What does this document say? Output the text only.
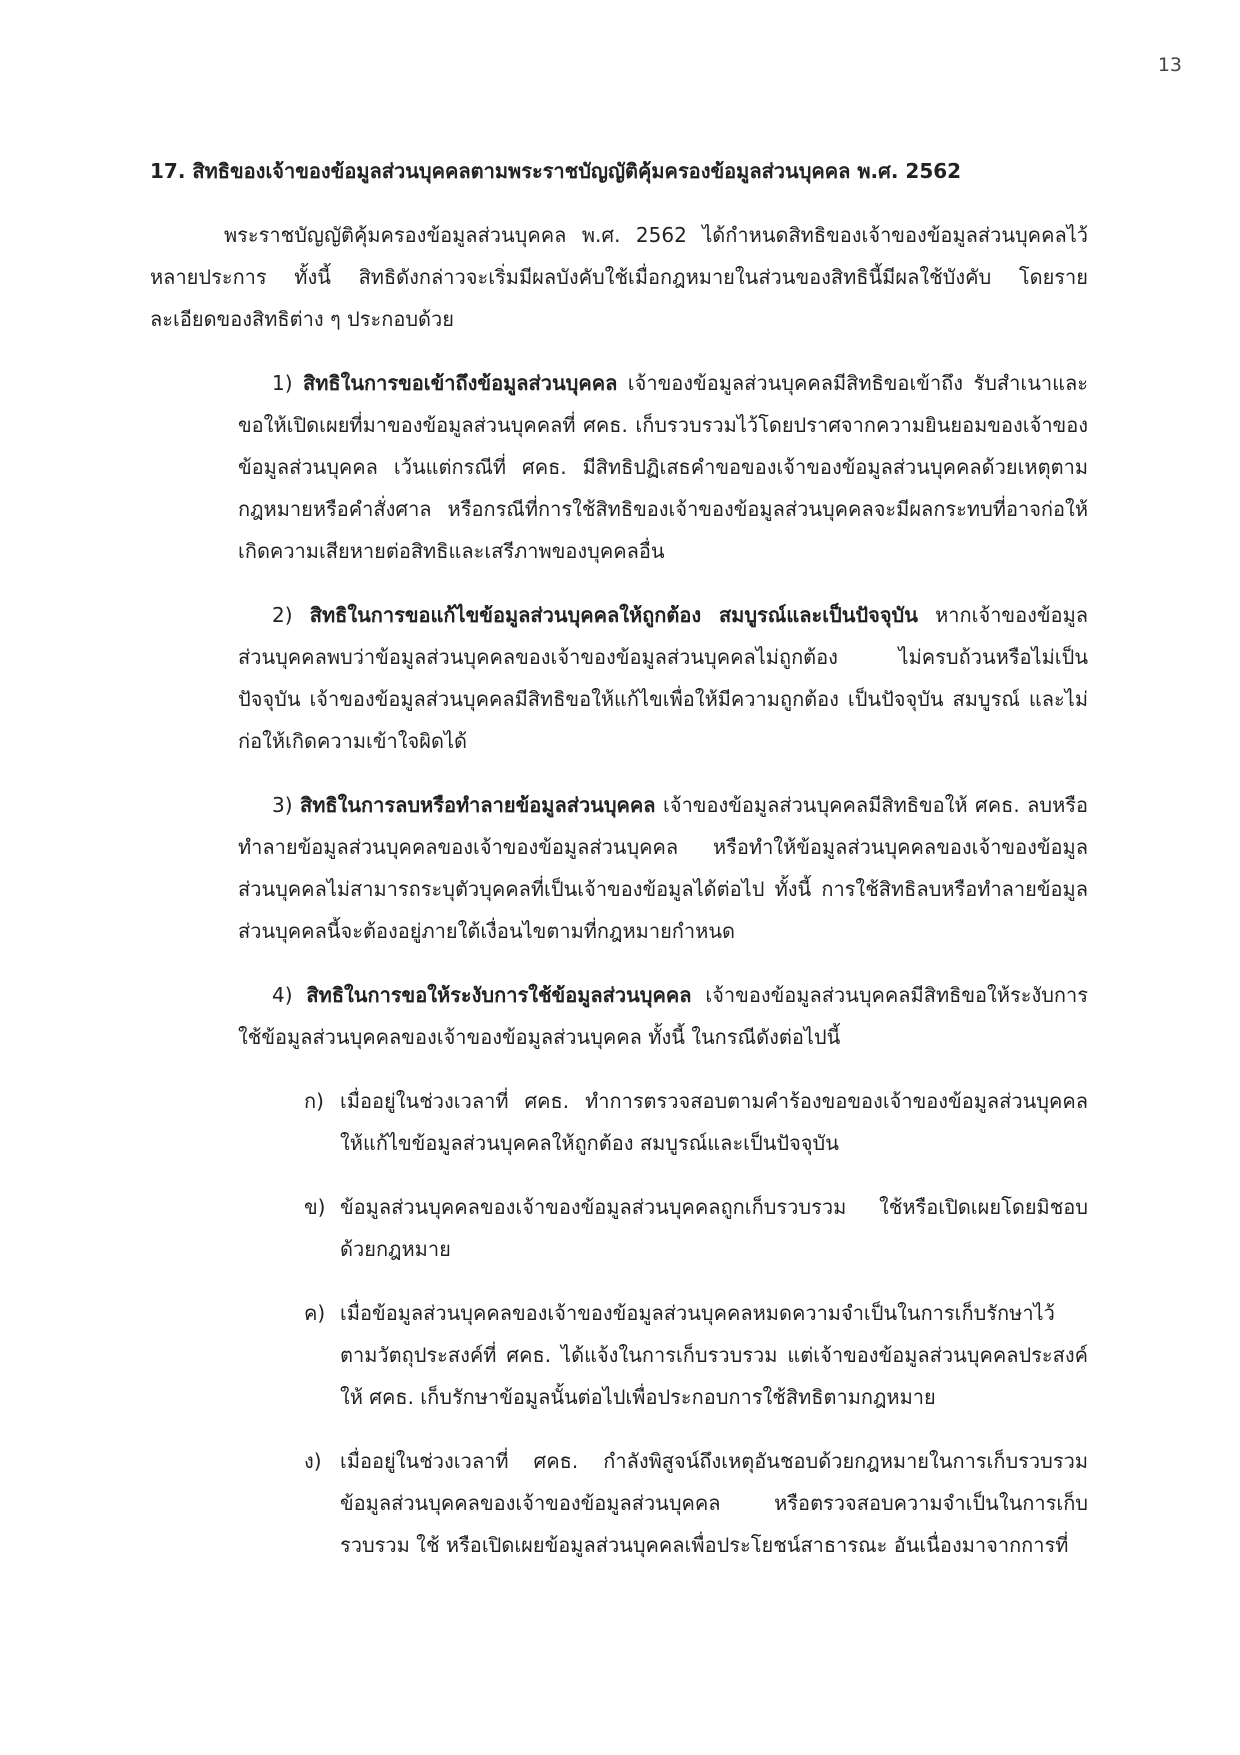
13
17. สิทธิของเจ้าของข้อมูลส่วนบุคคลตามพระราชบัญญัติคุ้มครองข้อมูลส่วนบุคคล พ.ศ. 2562

พระราชบัญญัติคุ้มครองข้อมูลส่วนบุคคล พ.ศ. 2562 ได้กำหนดสิทธิของเจ้าของข้อมูลส่วนบุคคลไว้หลายประการ ทั้งนี้ สิทธิดังกล่าวจะเริ่มมีผลบังคับใช้เมื่อกฎหมายในส่วนของสิทธินี้มีผลใช้บังคับ โดยรายละเอียดของสิทธิต่าง ๆ ประกอบด้วย

1) สิทธิในการขอเข้าถึงข้อมูลส่วนบุคคล เจ้าของข้อมูลส่วนบุคคลมีสิทธิขอเข้าถึง รับสำเนาและขอให้เปิดเผยที่มาของข้อมูลส่วนบุคคลที่ ศคธ. เก็บรวบรวมไว้โดยปราศจากความยินยอมของเจ้าของข้อมูลส่วนบุคคล เว้นแต่กรณีที่ ศคธ. มีสิทธิปฏิเสธคำขอของเจ้าของข้อมูลส่วนบุคคลด้วยเหตุตามกฎหมายหรือคำสั่งศาล หรือกรณีที่การใช้สิทธิของเจ้าของข้อมูลส่วนบุคคลจะมีผลกระทบที่อาจก่อให้เกิดความเสียหายต่อสิทธิและเสรีภาพของบุคคลอื่น

2) สิทธิในการขอแก้ไขข้อมูลส่วนบุคคลให้ถูกต้อง สมบูรณ์และเป็นปัจจุบัน หากเจ้าของข้อมูลส่วนบุคคลพบว่าข้อมูลส่วนบุคคลของเจ้าของข้อมูลส่วนบุคคลไม่ถูกต้อง ไม่ครบถ้วนหรือไม่เป็นปัจจุบัน เจ้าของข้อมูลส่วนบุคคลมีสิทธิขอให้แก้ไขเพื่อให้มีความถูกต้อง เป็นปัจจุบัน สมบูรณ์ และไม่ก่อให้เกิดความเข้าใจผิดได้

3) สิทธิในการลบหรือทำลายข้อมูลส่วนบุคคล เจ้าของข้อมูลส่วนบุคคลมีสิทธิขอให้ ศคธ. ลบหรือทำลายข้อมูลส่วนบุคคลของเจ้าของข้อมูลส่วนบุคคล หรือทำให้ข้อมูลส่วนบุคคลของเจ้าของข้อมูลส่วนบุคคลไม่สามารถระบุตัวบุคคลที่เป็นเจ้าของข้อมูลได้ต่อไป ทั้งนี้ การใช้สิทธิลบหรือทำลายข้อมูลส่วนบุคคลนี้จะต้องอยู่ภายใต้เงื่อนไขตามที่กฎหมายกำหนด

4) สิทธิในการขอให้ระงับการใช้ข้อมูลส่วนบุคคล เจ้าของข้อมูลส่วนบุคคลมีสิทธิขอให้ระงับการใช้ข้อมูลส่วนบุคคลของเจ้าของข้อมูลส่วนบุคคล ทั้งนี้ ในกรณีดังต่อไปนี้

ก) เมื่ออยู่ในช่วงเวลาที่ ศคธ. ทำการตรวจสอบตามคำร้องขอของเจ้าของข้อมูลส่วนบุคคลให้แก้ไขข้อมูลส่วนบุคคลให้ถูกต้อง สมบูรณ์และเป็นปัจจุบัน

ข) ข้อมูลส่วนบุคคลของเจ้าของข้อมูลส่วนบุคคลถูกเก็บรวบรวม ใช้หรือเปิดเผยโดยมิชอบด้วยกฎหมาย

ค) เมื่อข้อมูลส่วนบุคคลของเจ้าของข้อมูลส่วนบุคคลหมดความจำเป็นในการเก็บรักษาไว้ตามวัตถุประสงค์ที่ ศคธ. ได้แจ้งในการเก็บรวบรวม แต่เจ้าของข้อมูลส่วนบุคคลประสงค์ให้ ศคธ. เก็บรักษาข้อมูลนั้นต่อไปเพื่อประกอบการใช้สิทธิตามกฎหมาย

ง) เมื่ออยู่ในช่วงเวลาที่ ศคธ. กำลังพิสูจน์ถึงเหตุอันชอบด้วยกฎหมายในการเก็บรวบรวมข้อมูลส่วนบุคคลของเจ้าของข้อมูลส่วนบุคคล หรือตรวจสอบความจำเป็นในการเก็บรวบรวม ใช้ หรือเปิดเผยข้อมูลส่วนบุคคลเพื่อประโยชน์สาธารณะ อันเนื่องมาจากการที่
